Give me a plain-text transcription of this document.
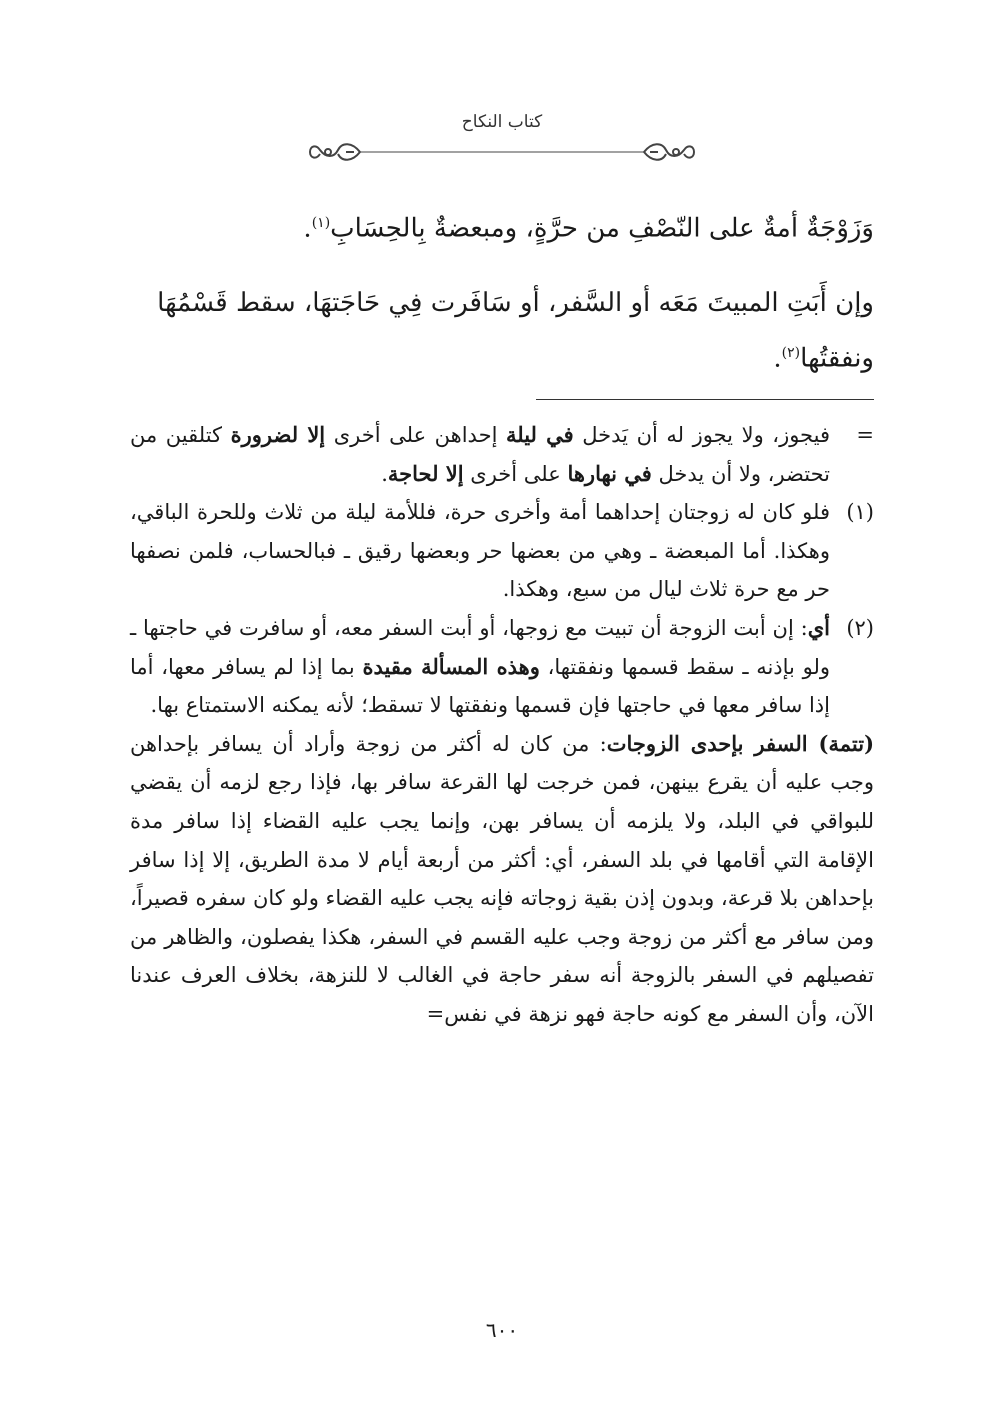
كتاب النكاح
وَزَوْجَةٌ أمةٌ على النّصْفِ من حرَّةٍ، ومبعضةٌ بِالحِسَابِ$^{(١)}$.
وإن أَبَتِ المبيتَ مَعَه أو السَّفر، أو سَافَرت فِي حَاجَتهَا، سقط قَسْمُهَا
ونفقتُها$^{(٢)}$.
=
فيجوز، ولا يجوز له أن يَدخل في ليلة إحداهن على أخرى إلا لضرورة كتلقين من تحتضر، ولا أن يدخل في نهارها على أخرى إلا لحاجة.
(١)
فلو كان له زوجتان إحداهما أمة وأخرى حرة، فللأمة ليلة من ثلاث وللحرة الباقي، وهكذا. أما المبعضة ـ وهي من بعضها حر وبعضها رقيق ـ فبالحساب، فلمن نصفها حر مع حرة ثلاث ليال من سبع، وهكذا.
(٢)
أي: إن أبت الزوجة أن تبيت مع زوجها، أو أبت السفر معه، أو سافرت في حاجتها ـ ولو بإذنه ـ سقط قسمها ونفقتها، وهذه المسألة مقيدة بما إذا لم يسافر معها، أما إذا سافر معها في حاجتها فإن قسمها ونفقتها لا تسقط؛ لأنه يمكنه الاستمتاع بها.
(تتمة) السفر بإحدى الزوجات: من كان له أكثر من زوجة وأراد أن يسافر بإحداهن وجب عليه أن يقرع بينهن، فمن خرجت لها القرعة سافر بها، فإذا رجع لزمه أن يقضي للبواقي في البلد، ولا يلزمه أن يسافر بهن، وإنما يجب عليه القضاء إذا سافر مدة الإقامة التي أقامها في بلد السفر، أي: أكثر من أربعة أيام لا مدة الطريق، إلا إذا سافر بإحداهن بلا قرعة، وبدون إذن بقية زوجاته فإنه يجب عليه القضاء ولو كان سفره قصيراً، ومن سافر مع أكثر من زوجة وجب عليه القسم في السفر، هكذا يفصلون، والظاهر من تفصيلهم في السفر بالزوجة أنه سفر حاجة في الغالب لا للنزهة، بخلاف العرف عندنا الآن، وأن السفر مع كونه حاجة فهو نزهة في نفس=
٦٠٠
